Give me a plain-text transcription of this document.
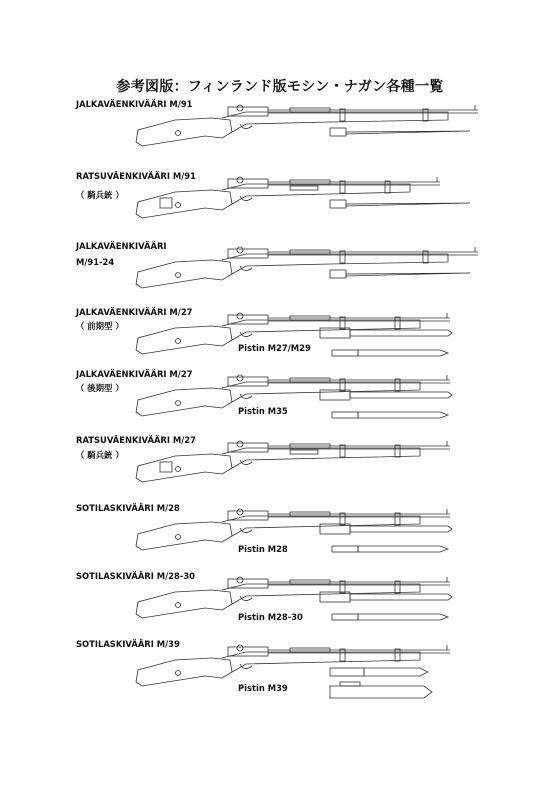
参考図版：フィンランド版モシン・ナガン各種一覧
JALKAVÄENKIVÄÄRI M/91
RATSUVÄENKIVÄÄRI M/91
（ 騎兵銃 ）
JALKAVÄENKIVÄÄRI
M/91-24
JALKAVÄENKIVÄÄRI M/27
（ 前期型 ）
Pistin M27/M29
JALKAVÄENKIVÄÄRI M/27
（ 後期型 ）
Pistin M35
RATSUVÄENKIVÄÄRI M/27
（ 騎兵銃 ）
SOTILASKIVÄÄRI M/28
Pistin M28
SOTILASKIVÄÄRI M/28-30
Pistin M28-30
SOTILASKIVÄÄRI M/39
Pistin M39
